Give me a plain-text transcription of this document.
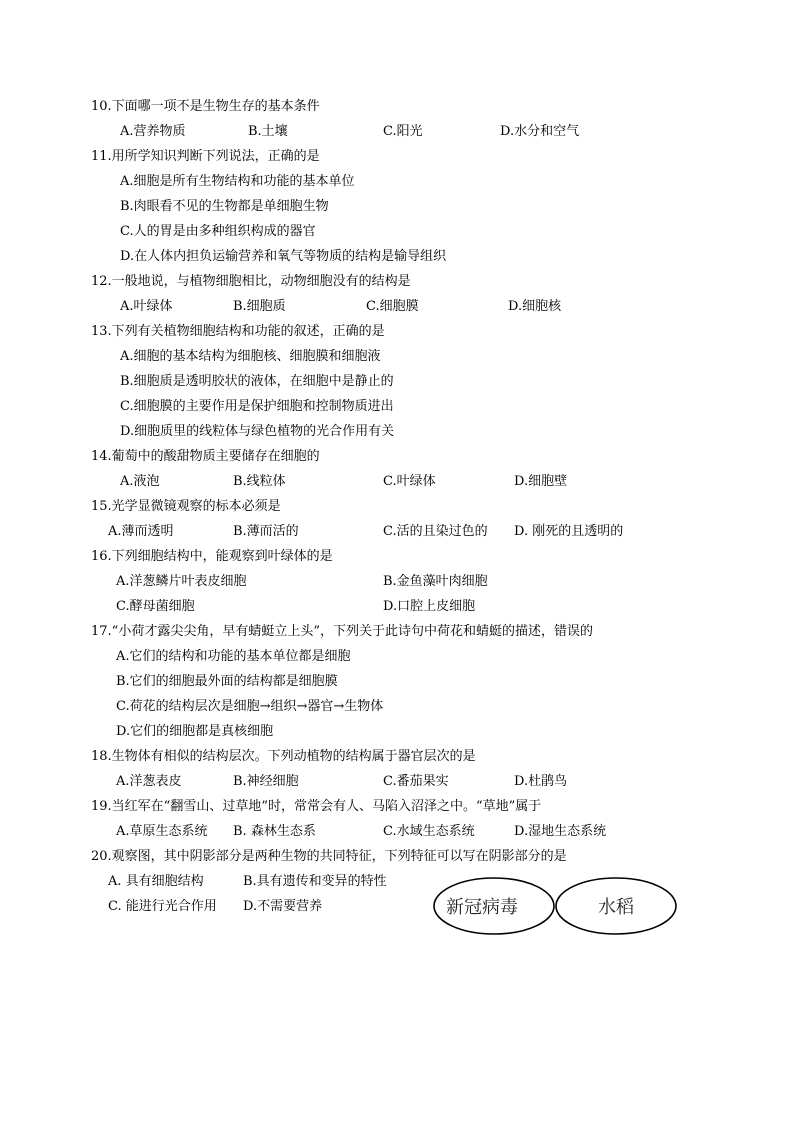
10.下面哪一项不是生物生存的基本条件
A.营养物质	B.土壤	C.阳光	D.水分和空气
11.用所学知识判断下列说法，正确的是
A.细胞是所有生物结构和功能的基本单位
B.肉眼看不见的生物都是单细胞生物
C.人的胃是由多种组织构成的器官
D.在人体内担负运输营养和氧气等物质的结构是输导组织
12.一般地说，与植物细胞相比，动物细胞没有的结构是
A.叶绿体	B.细胞质	C.细胞膜	D.细胞核
13.下列有关植物细胞结构和功能的叙述，正确的是
A.细胞的基本结构为细胞核、细胞膜和细胞液
B.细胞质是透明胶状的液体，在细胞中是静止的
C.细胞膜的主要作用是保护细胞和控制物质进出
D.细胞质里的线粒体与绿色植物的光合作用有关
14.葡萄中的酸甜物质主要储存在细胞的
A.液泡	B.线粒体	C.叶绿体	D.细胞壁
15.光学显微镜观察的标本必须是
A.薄而透明	B.薄而活的	C.活的且染过色的 D. 刚死的且透明的
16.下列细胞结构中，能观察到叶绿体的是
A.洋葱鳞片叶表皮细胞	B.金鱼藻叶肉细胞
C.酵母菌细胞	D.口腔上皮细胞
17.“小荷才露尖尖角，早有蜻蜓立上头”，下列关于此诗句中荷花和蜻蜓的描述，错误的
A.它们的结构和功能的基本单位都是细胞
B.它们的细胞最外面的结构都是细胞膜
C.荷花的结构层次是细胞→组织→器官→生物体
D.它们的细胞都是真核细胞
18.生物体有相似的结构层次。下列动植物的结构属于器官层次的是
A.洋葱表皮	B.神经细胞	C.番茄果实	D.杜鹃鸟
19.当红军在“翻雪山、过草地”时，常常会有人、马陷入沼泽之中。“草地”属于
A.草原生态系统 B. 森林生态系	C.水域生态系统	D.湿地生态系统
20.观察图，其中阴影部分是两种生物的共同特征，下列特征可以写在阴影部分的是
A. 具有细胞结构	B.具有遗传和变异的特性
C. 能进行光合作用 D.不需要营养	新冠病毒	水稻
